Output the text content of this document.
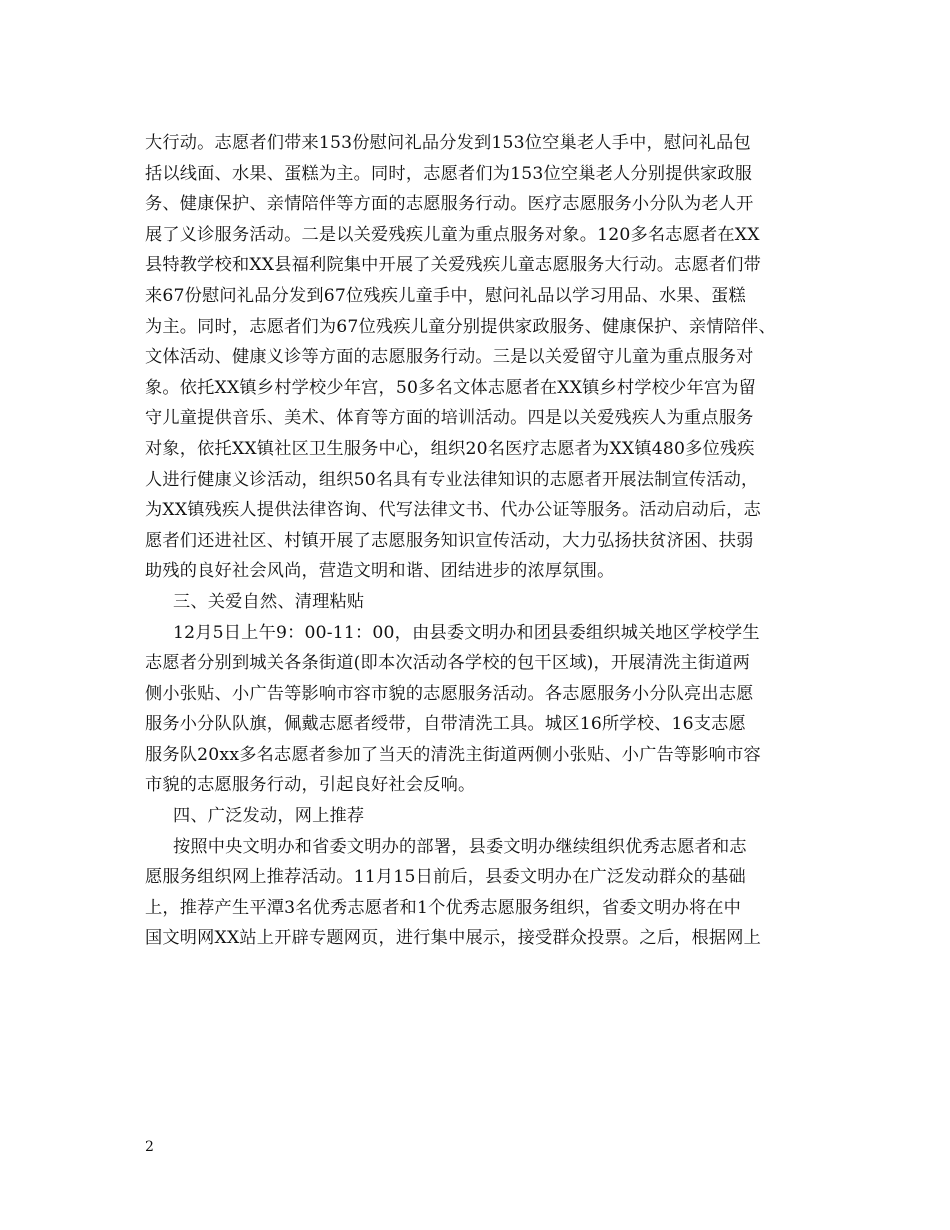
大行动。志愿者们带来153份慰问礼品分发到153位空巢老人手中，慰问礼品包
括以线面、水果、蛋糕为主。同时，志愿者们为153位空巢老人分别提供家政服
务、健康保护、亲情陪伴等方面的志愿服务行动。医疗志愿服务小分队为老人开
展了义诊服务活动。二是以关爱残疾儿童为重点服务对象。120多名志愿者在XX
县特教学校和XX县福利院集中开展了关爱残疾儿童志愿服务大行动。志愿者们带
来67份慰问礼品分发到67位残疾儿童手中，慰问礼品以学习用品、水果、蛋糕
为主。同时，志愿者们为67位残疾儿童分别提供家政服务、健康保护、亲情陪伴、
文体活动、健康义诊等方面的志愿服务行动。三是以关爱留守儿童为重点服务对
象。依托XX镇乡村学校少年宫，50多名文体志愿者在XX镇乡村学校少年宫为留
守儿童提供音乐、美术、体育等方面的培训活动。四是以关爱残疾人为重点服务
对象，依托XX镇社区卫生服务中心，组织20名医疗志愿者为XX镇480多位残疾
人进行健康义诊活动，组织50名具有专业法律知识的志愿者开展法制宣传活动，
为XX镇残疾人提供法律咨询、代写法律文书、代办公证等服务。活动启动后，志
愿者们还进社区、村镇开展了志愿服务知识宣传活动，大力弘扬扶贫济困、扶弱
助残的良好社会风尚，营造文明和谐、团结进步的浓厚氛围。
三、关爱自然、清理粘贴
12月5日上午9：00-11：00，由县委文明办和团县委组织城关地区学校学生
志愿者分别到城关各条街道(即本次活动各学校的包干区域)，开展清洗主街道两
侧小张贴、小广告等影响市容市貌的志愿服务活动。各志愿服务小分队亮出志愿
服务小分队队旗，佩戴志愿者绶带，自带清洗工具。城区16所学校、16支志愿
服务队20xx多名志愿者参加了当天的清洗主街道两侧小张贴、小广告等影响市容
市貌的志愿服务行动，引起良好社会反响。
四、广泛发动，网上推荐
按照中央文明办和省委文明办的部署，县委文明办继续组织优秀志愿者和志
愿服务组织网上推荐活动。11月15日前后，县委文明办在广泛发动群众的基础
上，推荐产生平潭3名优秀志愿者和1个优秀志愿服务组织，省委文明办将在中
国文明网XX站上开辟专题网页，进行集中展示，接受群众投票。之后，根据网上
2
